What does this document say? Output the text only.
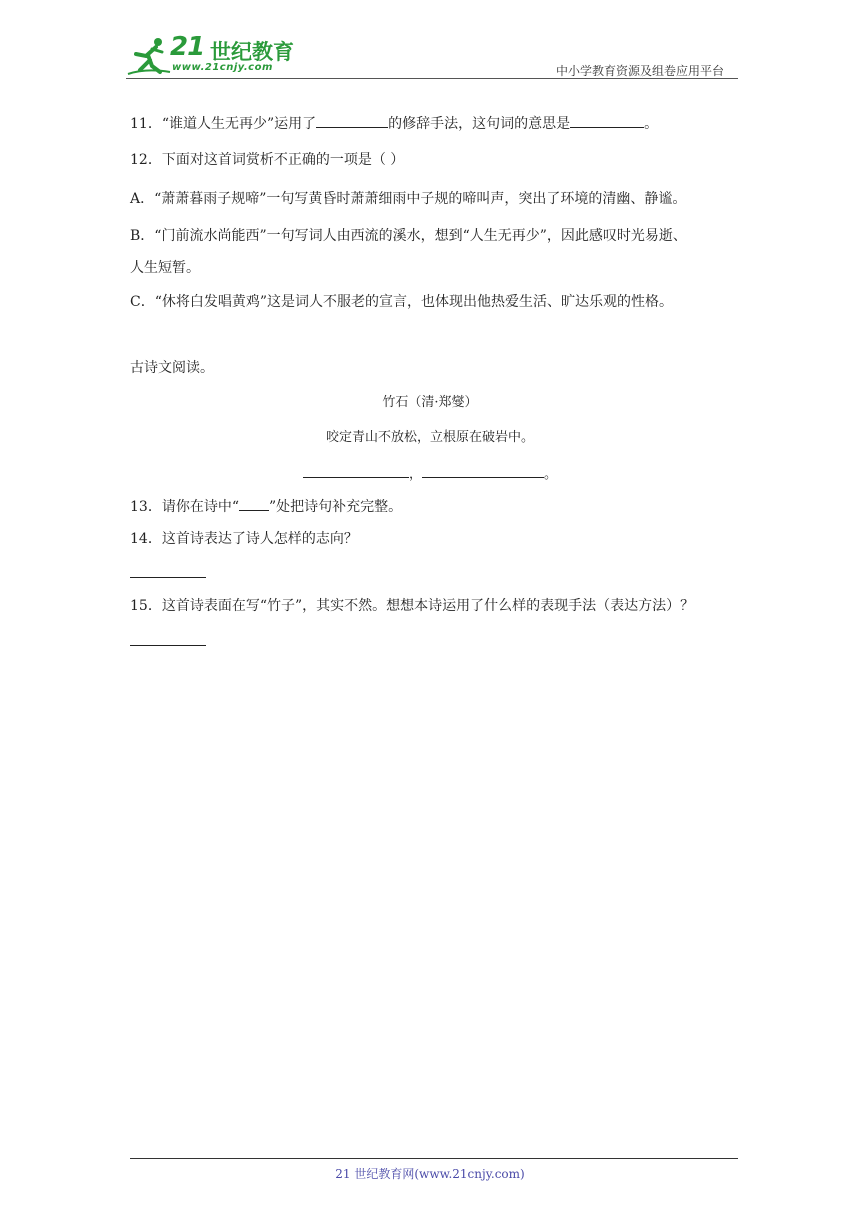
21 世纪教育
www.21cnjy.com	中小学教育资源及组卷应用平台
11．“谁道人生无再少”运用了	的修辞手法，这句词的意思是	。
12．下面对这首词赏析不正确的一项是（ ）
A．“萧萧暮雨子规啼”一句写黄昏时萧萧细雨中子规的啼叫声，突出了环境的清幽、静谧。
B．“门前流水尚能西”一句写词人由西流的溪水，想到“人生无再少”，因此感叹时光易逝、
人生短暂。
C．“休将白发唱黄鸡”这是词人不服老的宣言，也体现出他热爱生活、旷达乐观的性格。
古诗文阅读。
竹石（清·郑燮）
咬定青山不放松，立根原在破岩中。
，	。
13．请你在诗中“ ”处把诗句补充完整。
14．这首诗表达了诗人怎样的志向？
15．这首诗表面在写“竹子”，其实不然。想想本诗运用了什么样的表现手法（表达方法）？
21 世纪教育网(www.21cnjy.com)
